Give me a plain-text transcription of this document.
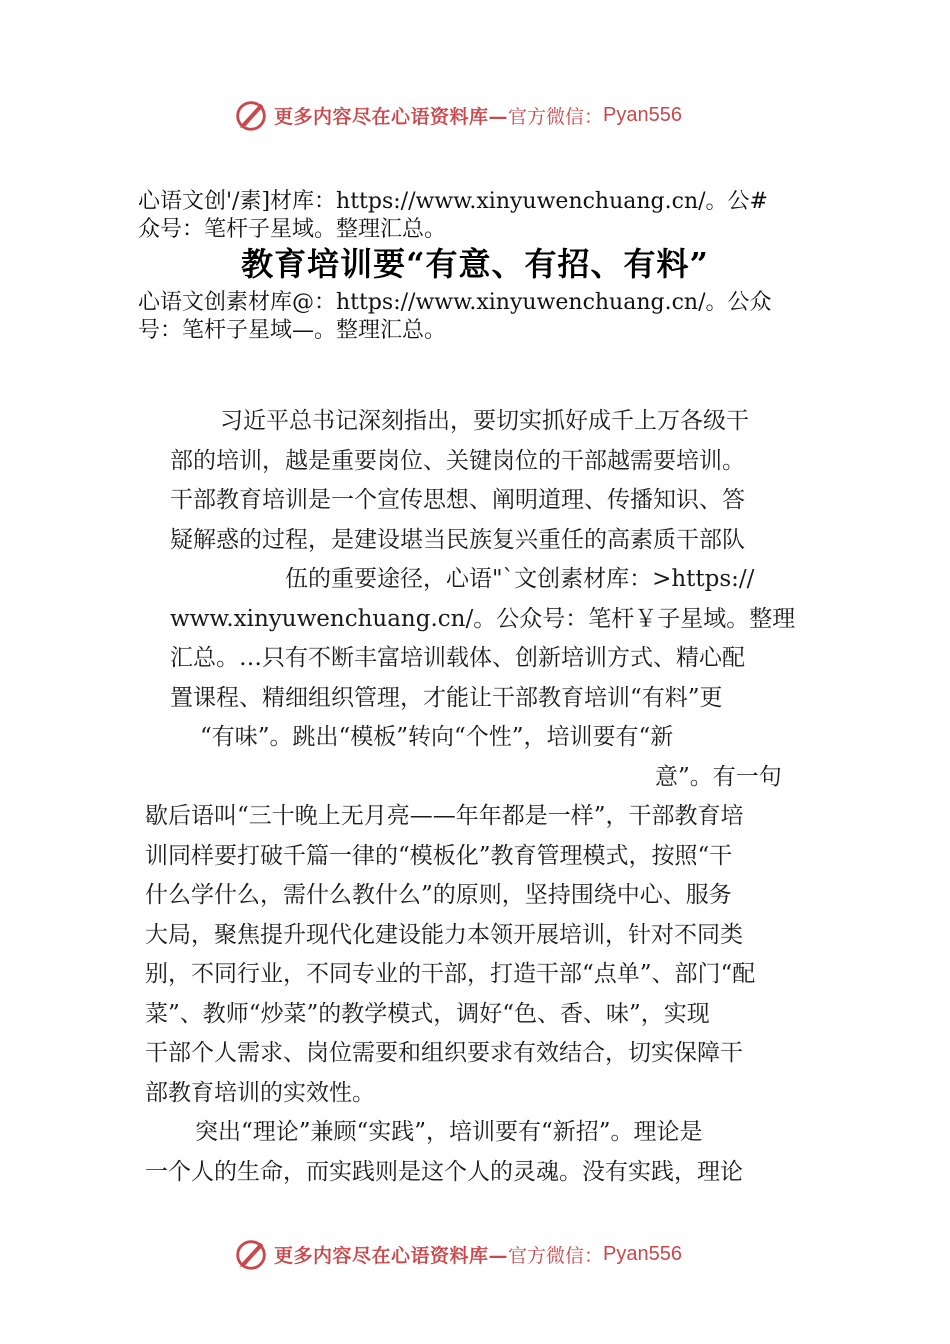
更多内容尽在心语资料库— 官方微信： Pyan556
心语文创'/素]材库：https://www.xinyuwenchuang.cn/。公#
众号：笔杆子星域。整理汇总。
教育培训要“有意、有招、有料”
心语文创素材库@：https://www.xinyuwenchuang.cn/。公众
号：笔杆子星域—。整理汇总。
习近平总书记深刻指出，要切实抓好成千上万各级干
部的培训，越是重要岗位、关键岗位的干部越需要培训。
干部教育培训是一个宣传思想、阐明道理、传播知识、答
疑解惑的过程，是建设堪当民族复兴重任的高素质干部队
伍的重要途径，心语"`文创素材库：>https://
www.xinyuwenchuang.cn/。公众号：笔杆￥子星域。整理
汇总。…只有不断丰富培训载体、创新培训方式、精心配
置课程、精细组织管理，才能让干部教育培训“有料”更
“有味”。跳出“模板”转向“个性”，培训要有“新
意”。有一句
歇后语叫“三十晚上无月亮——年年都是一样”，干部教育培
训同样要打破千篇一律的“模板化”教育管理模式，按照“干
什么学什么，需什么教什么”的原则，坚持围绕中心、服务
大局，聚焦提升现代化建设能力本领开展培训，针对不同类
别，不同行业，不同专业的干部，打造干部“点单”、部门“配
菜”、教师“炒菜”的教学模式，调好“色、香、味”，实现
干部个人需求、岗位需要和组织要求有效结合，切实保障干
部教育培训的实效性。
突出“理论”兼顾“实践”，培训要有“新招”。理论是
一个人的生命，而实践则是这个人的灵魂。没有实践，理论
更多内容尽在心语资料库— 官方微信： Pyan556
